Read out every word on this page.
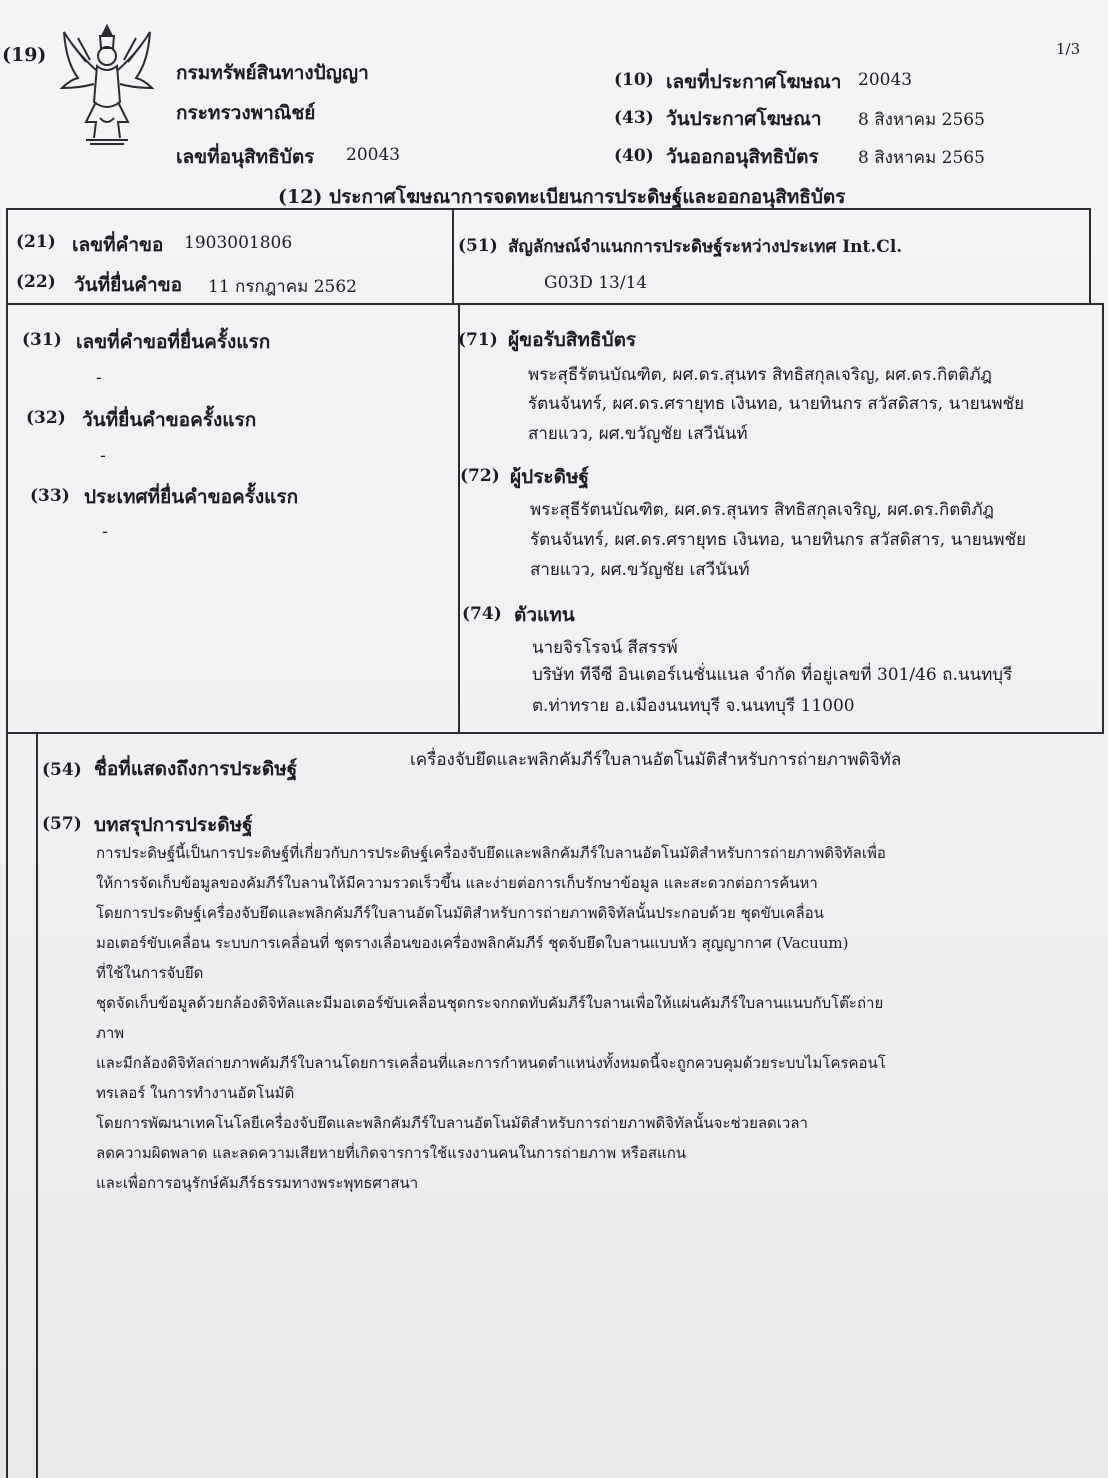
(19)	1/3
กรมทรัพย์สินทางปัญญา
กระทรวงพาณิชย์
เลขที่อนุสิทธิบัตร 20043
(10) เลขที่ประกาศโฆษณา 20043
(43) วันประกาศโฆษณา 8 สิงหาคม 2565
(40) วันออกอนุสิทธิบัตร 8 สิงหาคม 2565
(12) ประกาศโฆษณาการจดทะเบียนการประดิษฐ์และออกอนุสิทธิบัตร
(21) เลขที่คำขอ 1903001806
(22) วันที่ยื่นคำขอ 11 กรกฎาคม 2562
(51) สัญลักษณ์จำแนกการประดิษฐ์ระหว่างประเทศ Int.Cl.
G03D 13/14
(31) เลขที่คำขอที่ยื่นครั้งแรก
-
(32) วันที่ยื่นคำขอครั้งแรก
-
(33) ประเทศที่ยื่นคำขอครั้งแรก
-
(71) ผู้ขอรับสิทธิบัตร
พระสุธีรัตนบัณฑิต, ผศ.ดร.สุนทร สิทธิสกุลเจริญ, ผศ.ดร.กิตติภัฎ
รัตนจันทร์, ผศ.ดร.ศรายุทธ เงินทอ, นายทินกร สวัสดิสาร, นายนพชัย
สายแวว, ผศ.ขวัญชัย เสวีนันท์
(72) ผู้ประดิษฐ์
พระสุธีรัตนบัณฑิต, ผศ.ดร.สุนทร สิทธิสกุลเจริญ, ผศ.ดร.กิตติภัฎ
รัตนจันทร์, ผศ.ดร.ศรายุทธ เงินทอ, นายทินกร สวัสดิสาร, นายนพชัย
สายแวว, ผศ.ขวัญชัย เสวีนันท์
(74) ตัวแทน
นายจิรโรจน์ สีสรรพ์
บริษัท ทีจีซี อินเตอร์เนชั่นแนล จำกัด ที่อยู่เลขที่ 301/46 ถ.นนทบุรี
ต.ท่าทราย อ.เมืองนนทบุรี จ.นนทบุรี 11000
(54) ชื่อที่แสดงถึงการประดิษฐ์	เครื่องจับยึดและพลิกคัมภีร์ใบลานอัตโนมัติสำหรับการถ่ายภาพดิจิทัล
(57) บทสรุปการประดิษฐ์

การประดิษฐ์นี้เป็นการประดิษฐ์ที่เกี่ยวกับการประดิษฐ์เครื่องจับยึดและพลิกคัมภีร์ใบลานอัตโนมัติสำหรับการถ่ายภาพดิจิทัลเพื่อ

ให้การจัดเก็บข้อมูลของคัมภีร์ใบลานให้มีความรวดเร็วขึ้น และง่ายต่อการเก็บรักษาข้อมูล และสะดวกต่อการค้นหา

โดยการประดิษฐ์เครื่องจับยึดและพลิกคัมภีร์ใบลานอัตโนมัติสำหรับการถ่ายภาพดิจิทัลนั้นประกอบด้วย ชุดขับเคลื่อน

มอเตอร์ขับเคลื่อน ระบบการเคลื่อนที่ ชุดรางเลื่อนของเครื่องพลิกคัมภีร์ ชุดจับยึดใบลานแบบหัว สุญญากาศ (Vacuum)

ที่ใช้ในการจับยึด

ชุดจัดเก็บข้อมูลด้วยกล้องดิจิทัลและมีมอเตอร์ขับเคลื่อนชุดกระจกกดทับคัมภีร์ใบลานเพื่อให้แผ่นคัมภีร์ใบลานแนบกับโต๊ะถ่าย

ภาพ

และมีกล้องดิจิทัลถ่ายภาพคัมภีร์ใบลานโดยการเคลื่อนที่และการกำหนดตำแหน่งทั้งหมดนี้จะถูกควบคุมด้วยระบบไมโครคอนโ

ทรเลอร์ ในการทำงานอัตโนมัติ

โดยการพัฒนาเทคโนโลยีเครื่องจับยึดและพลิกคัมภีร์ใบลานอัตโนมัติสำหรับการถ่ายภาพดิจิทัลนั้นจะช่วยลดเวลา

ลดความผิดพลาด และลดความเสียหายที่เกิดจารการใช้แรงงานคนในการถ่ายภาพ หรือสแกน

และเพื่อการอนุรักษ์คัมภีร์ธรรมทางพระพุทธศาสนา
